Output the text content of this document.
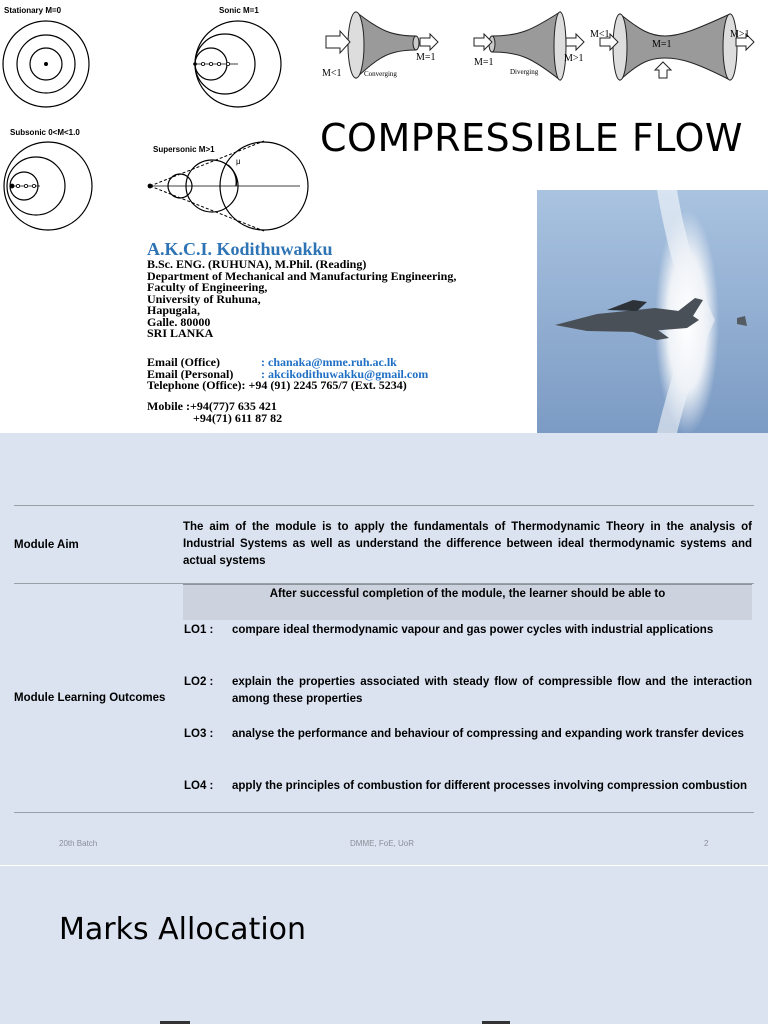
Stationary M=0	Sonic M=1
Subsonic 0<M<1.0
Supersonic M>1
μ
M<1
M=1
Converging
M=1
Diverging
M>1
M<1
M=1
M>1
COMPRESSIBLE FLOW
A.K.C.I. Kodithuwakku
B.Sc. ENG. (RUHUNA), M.Phil. (Reading)
Department of Mechanical and Manufacturing Engineering,
Faculty of Engineering,
University of Ruhuna,
Hapugala,
Galle. 80000
SRI LANKA
Email (Office)	: chanaka@mme.ruh.ac.lk
Email (Personal) : akcikodithuwakku@gmail.com
Telephone (Office): +94 (91) 2245 765/7 (Ext. 5234)
Mobile :+94(77)7 635 421
+94(71) 611 87 82
Module Aim
The aim of the module is to apply the fundamentals of Thermodynamic Theory in the analysis of Industrial Systems as well as understand the difference between ideal thermodynamic systems and actual systems
After successful completion of the module, the learner should be able to
Module Learning Outcomes
LO1 : compare ideal thermodynamic vapour and gas power cycles with industrial applications
LO2 : explain the properties associated with steady flow of compressible flow and the interaction among these properties
LO3 : analyse the performance and behaviour of compressing and expanding work transfer devices
LO4 : apply the principles of combustion for different processes involving compression combustion
20th Batch	DMME, FoE, UoR	2
Marks Allocation
